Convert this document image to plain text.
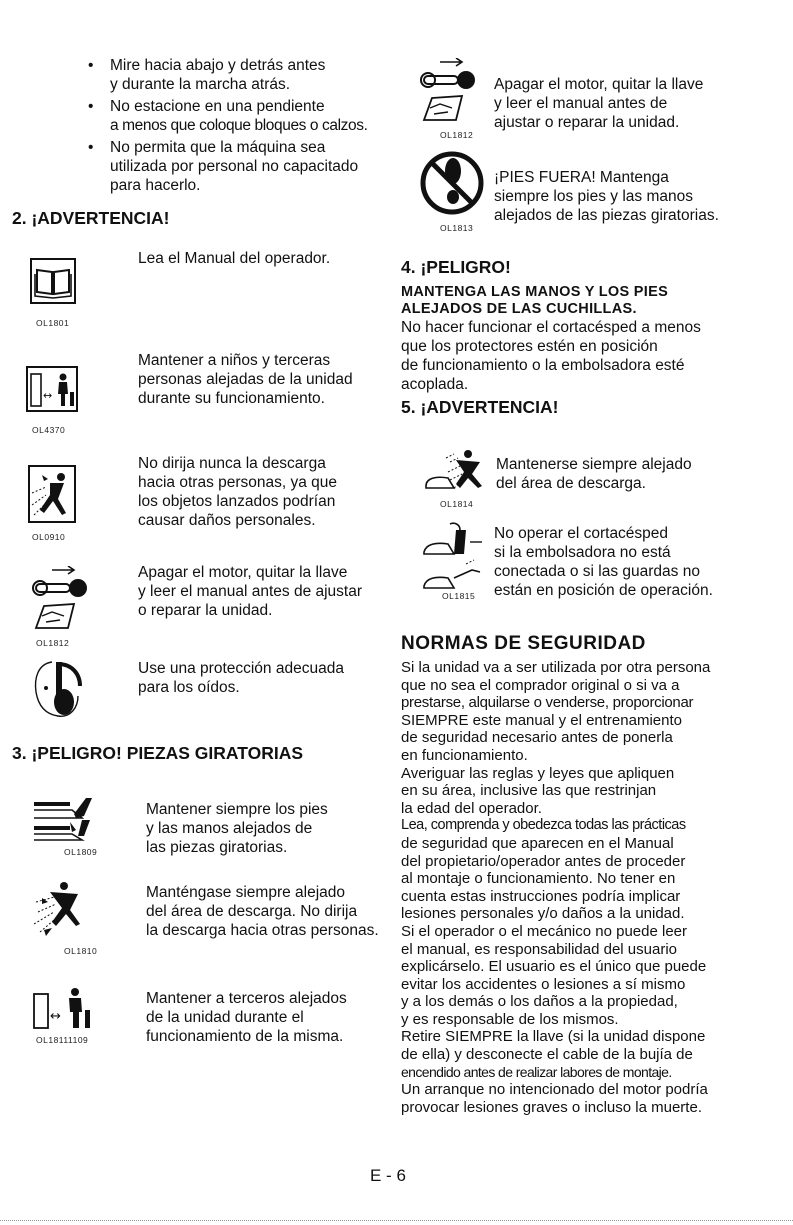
• Mire hacia abajo y detrás antes
y durante la marcha atrás.
• No estacione en una pendiente
a menos que coloque bloques o calzos.
• No permita que la máquina sea
utilizada por personal no capacitado
para hacerlo.
2. ¡ADVERTENCIA!
OL1801
Lea el Manual del operador.
↔
OL4370
Mantener a niños y terceras
personas alejadas de la unidad
durante su funcionamiento.
OL0910
No dirija nunca la descarga
hacia otras personas, ya que
los objetos lanzados podrían
causar daños personales.
OL1812
Apagar el motor, quitar la llave
y leer el manual antes de ajustar
o reparar la unidad.
Use una protección adecuada
para los oídos.
3. ¡PELIGRO! PIEZAS GIRATORIAS
OL1809
Mantener siempre los pies
y las manos alejados de
las piezas giratorias.
OL1810
Manténgase siempre alejado
del área de descarga. No dirija
la descarga hacia otras personas.
↔
OL18111109
Mantener a terceros alejados
de la unidad durante el
funcionamiento de la misma.
OL1812
Apagar el motor, quitar la llave
y leer el manual antes de
ajustar o reparar la unidad.
OL1813
¡PIES FUERA! Mantenga
siempre los pies y las manos
alejados de las piezas giratorias.
4. ¡PELIGRO!
MANTENGA LAS MANOS Y LOS PIES
ALEJADOS DE LAS CUCHILLAS.
No hacer funcionar el cortacésped a menos
que los protectores estén en posición
de funcionamiento o la embolsadora esté
acoplada.
5. ¡ADVERTENCIA!
OL1814
Mantenerse siempre alejado
del área de descarga.
OL1815
No operar el cortacésped
si la embolsadora no está
conectada o si las guardas no
están en posición de operación.
NORMAS DE SEGURIDAD
Si la unidad va a ser utilizada por otra persona
que no sea el comprador original o si va a
prestarse, alquilarse o venderse, proporcionar
SIEMPRE este manual y el entrenamiento
de seguridad necesario antes de ponerla
en funcionamiento.
Averiguar las reglas y leyes que apliquen
en su área, inclusive las que restrinjan
la edad del operador.
Lea, comprenda y obedezca todas las prácticas
de seguridad que aparecen en el Manual
del propietario/operador antes de proceder
al montaje o funcionamiento. No tener en
cuenta estas instrucciones podría implicar
lesiones personales y/o daños a la unidad.
Si el operador o el mecánico no puede leer
el manual, es responsabilidad del usuario
explicárselo. El usuario es el único que puede
evitar los accidentes o lesiones a sí mismo
y a los demás o los daños a la propiedad,
y es responsable de los mismos.
Retire SIEMPRE la llave (si la unidad dispone
de ella) y desconecte el cable de la bujía de
encendido antes de realizar labores de montaje.
Un arranque no intencionado del motor podría
provocar lesiones graves o incluso la muerte.
E - 6
